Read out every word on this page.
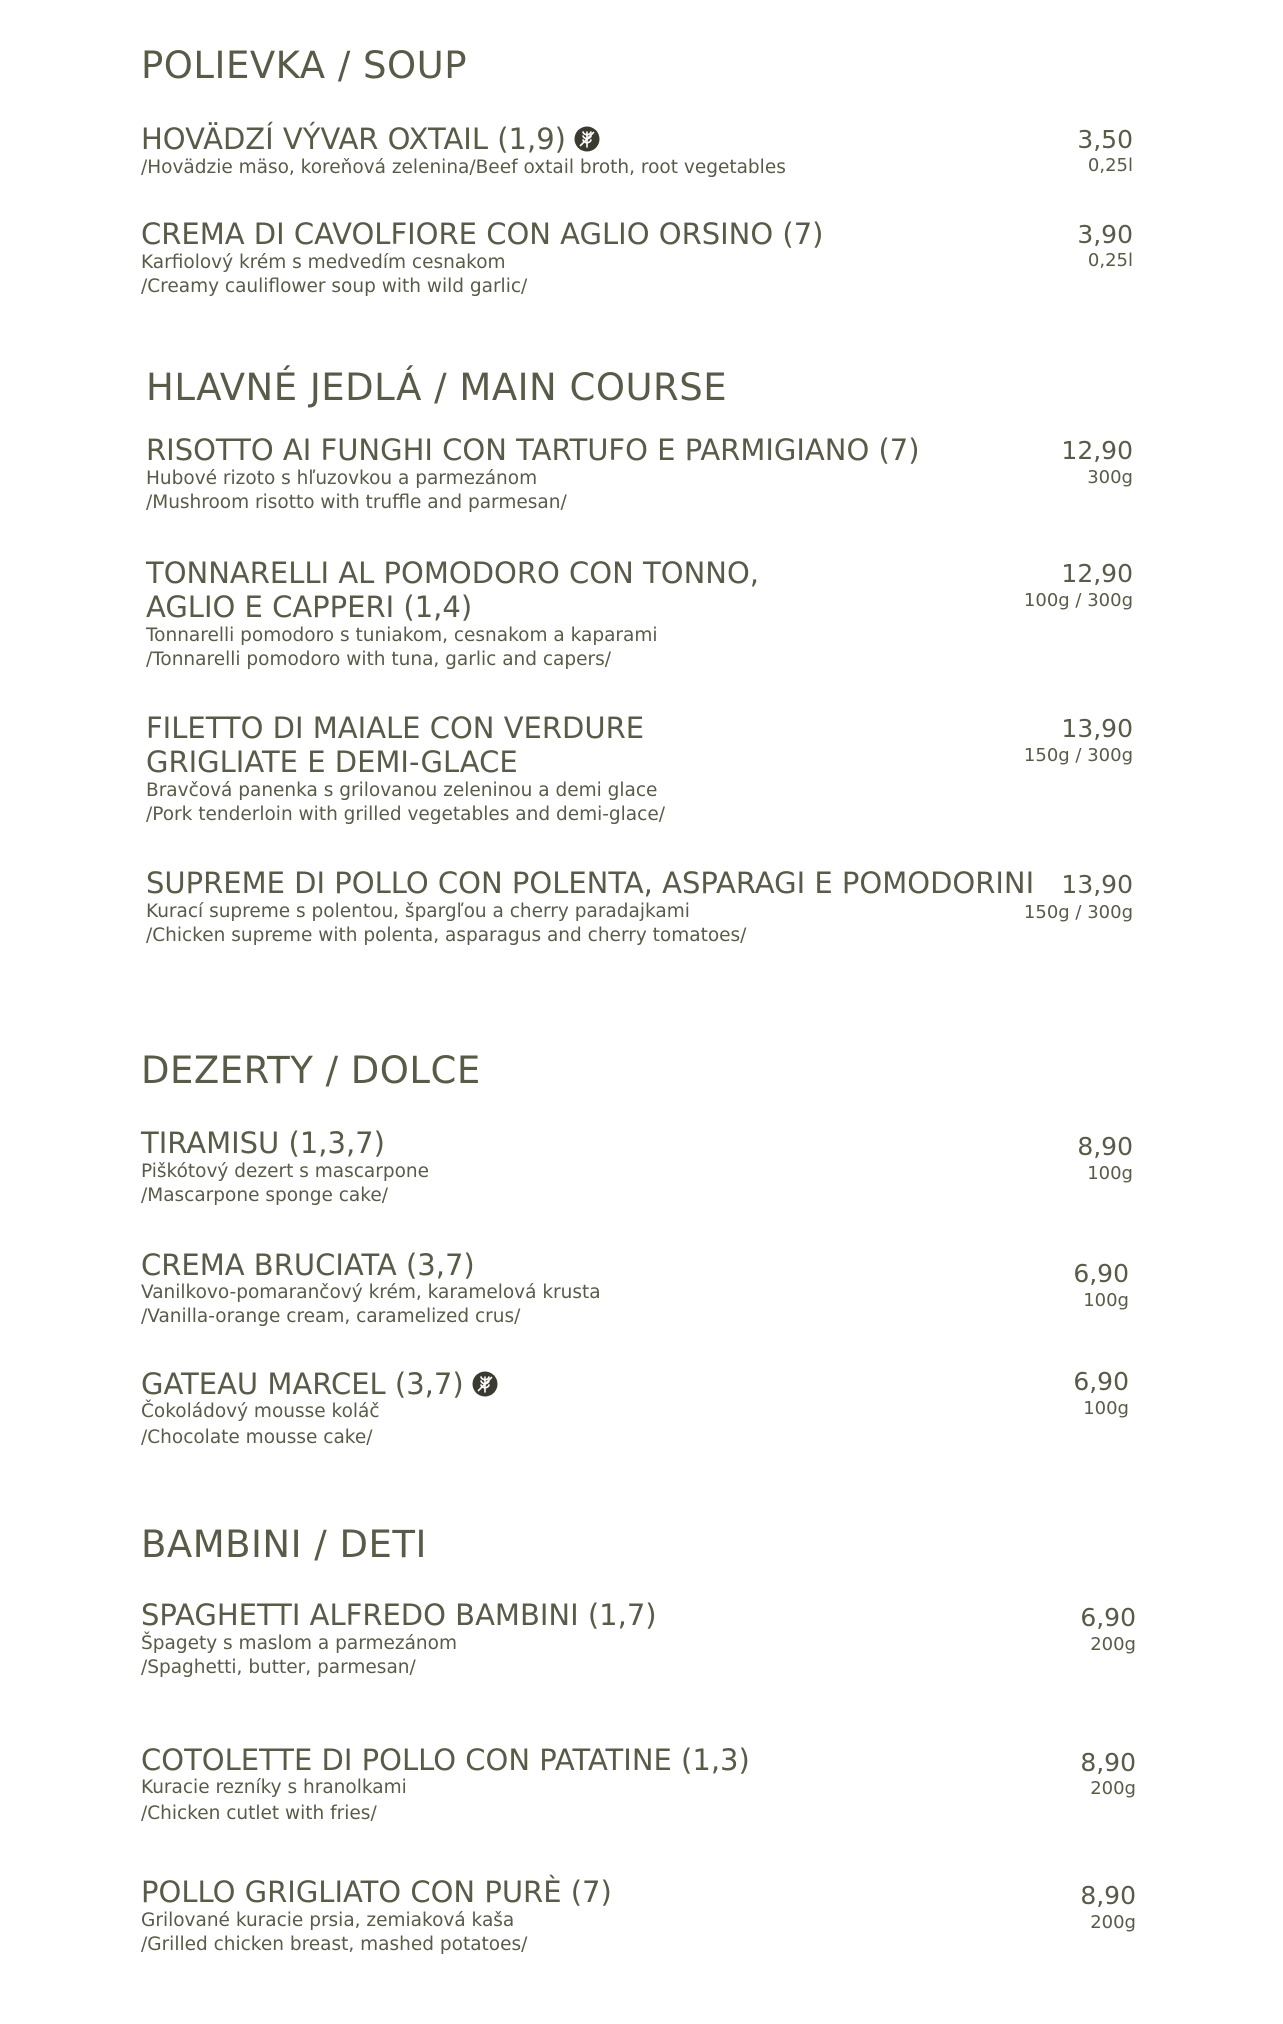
POLIEVKA / SOUP

HOVÄDZÍ VÝVAR OXTAIL (1,9)

/Hovädzie mäso, koreňová zelenina/Beef oxtail broth, root vegetables

3,50

0,25l

CREMA DI CAVOLFIORE CON AGLIO ORSINO (7)

Karfiolový krém s medvedím cesnakom

/Creamy cauliflower soup with wild garlic/

3,90

0,25l

HLAVNÉ JEDLÁ / MAIN COURSE

RISOTTO AI FUNGHI CON TARTUFO E PARMIGIANO (7)

Hubové rizoto s hľuzovkou a parmezánom

/Mushroom risotto with truffle and parmesan/

12,90

300g

TONNARELLI AL POMODORO CON TONNO,

AGLIO E CAPPERI (1,4)

Tonnarelli pomodoro s tuniakom, cesnakom a kaparami

/Tonnarelli pomodoro with tuna, garlic and capers/

12,90

100g / 300g

FILETTO DI MAIALE CON VERDURE

GRIGLIATE E DEMI-GLACE

Bravčová panenka s grilovanou zeleninou a demi glace

/Pork tenderloin with grilled vegetables and demi-glace/

13,90

150g / 300g

SUPREME DI POLLO CON POLENTA, ASPARAGI E POMODORINI

Kurací supreme s polentou, špargľou a cherry paradajkami

/Chicken supreme with polenta, asparagus and cherry tomatoes/

13,90

150g / 300g

DEZERTY / DOLCE

TIRAMISU (1,3,7)

Piškótový dezert s mascarpone

/Mascarpone sponge cake/

8,90

100g

CREMA BRUCIATA (3,7)

Vanilkovo-pomarančový krém, karamelová krusta

/Vanilla-orange cream, caramelized crus/

6,90

100g

GATEAU MARCEL (3,7)

Čokoládový mousse koláč

/Chocolate mousse cake/

6,90

100g

BAMBINI / DETI

SPAGHETTI ALFREDO BAMBINI (1,7)

Špagety s maslom a parmezánom

/Spaghetti, butter, parmesan/

6,90

200g

COTOLETTE DI POLLO CON PATATINE (1,3)

Kuracie rezníky s hranolkami

/Chicken cutlet with fries/

8,90

200g

POLLO GRIGLIATO CON PURÈ (7)

Grilované kuracie prsia, zemiaková kaša

/Grilled chicken breast, mashed potatoes/

8,90

200g
